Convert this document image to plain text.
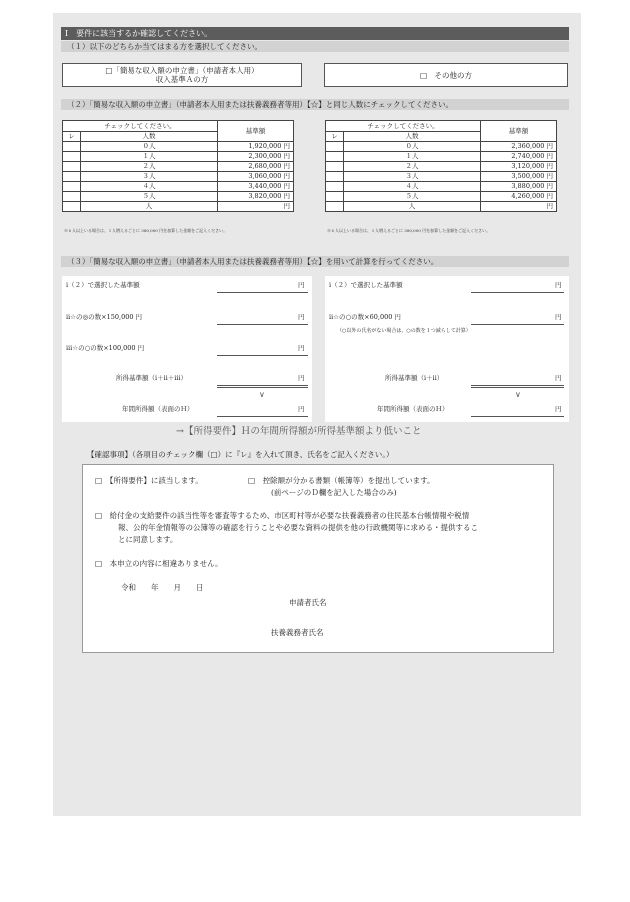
Ⅰ　要件に該当するか確認してください。
（１）以下のどちらか当てはまる方を選択してください。
□「簡易な収入額の申立書」（申請者本人用）
収入基準Ａの方	□　その他の方
（２）「簡易な収入額の申立書」（申請者本人用または扶養義務者等用）【☆】と同じ人数にチェックしてください。
チェックしてください。		基準額
レ	人数	
	０人	1,920,000 円
	１人	2,300,000 円
	２人	2,680,000 円
	３人	3,060,000 円
	４人	3,440,000 円
	５人	3,820,000 円
	人	円
※６人以上いる場合は、１人増えるごとに 380,000 円を加算した金額をご記入ください。
チェックしてください。		基準額
レ	人数	
	０人	2,360,000 円
	１人	2,740,000 円
	２人	3,120,000 円
	３人	3,500,000 円
	４人	3,880,000 円
	５人	4,260,000 円
	人	円
※６人以上いる場合は、１人増えるごとに 380,000 円を加算した金額をご記入ください。
（３）「簡易な収入額の申立書」（申請者本人用または扶養義務者等用）【☆】を用いて計算を行ってください。
ⅰ（２）で選択した基準額	円
ⅱ☆の◎の数×150,000 円	円
ⅲ☆の○の数×100,000 円	円
所得基準額（ⅰ＋ⅱ＋ⅲ）	円
∨
年間所得額（表面のＨ）	円
ⅰ（２）で選択した基準額	円
ⅱ☆の○の数×60,000 円	円
（○以外の氏名がない場合は、○の数を１つ減らして計算）
所得基準額（ⅰ＋ⅱ）	円
∨
年間所得額（表面のＨ）	円
→【所得要件】Ｈの年間所得額が所得基準額より低いこと
【確認事項】（各項目のチェック欄（□）に『レ』を入れて頂き、氏名をご記入ください。）
□　【所得要件】に該当します。	□　控除額が分かる書類（帳簿等）を提出しています。
(前ページのＤ欄を記入した場合のみ)
□　給付金の支給要件の該当性等を審査等するため、市区町村等が必要な扶養義務者の住民基本台帳情報や税情
報、公的年金情報等の公簿等の確認を行うことや必要な資料の提供を他の行政機関等に求める・提供するこ
とに同意します。
□　本申立の内容に相違ありません。
令和　　年　　月　　日
申請者氏名
扶養義務者氏名
